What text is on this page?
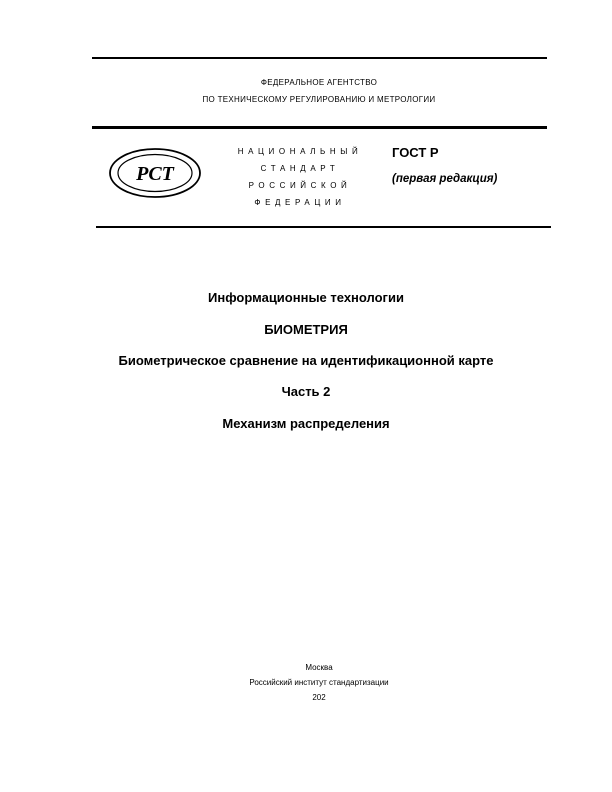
ФЕДЕРАЛЬНОЕ АГЕНТСТВО
ПО ТЕХНИЧЕСКОМУ РЕГУЛИРОВАНИЮ И МЕТРОЛОГИИ
РСТ
НАЦИОНАЛЬНЫЙ
СТАНДАРТ
РОССИЙСКОЙ
ФЕДЕРАЦИИ
ГОСТ Р
(первая редакция)
Информационные технологии
БИОМЕТРИЯ
Биометрическое сравнение на идентификационной карте
Часть 2
Механизм распределения
Москва
Российский институт стандартизации
202
